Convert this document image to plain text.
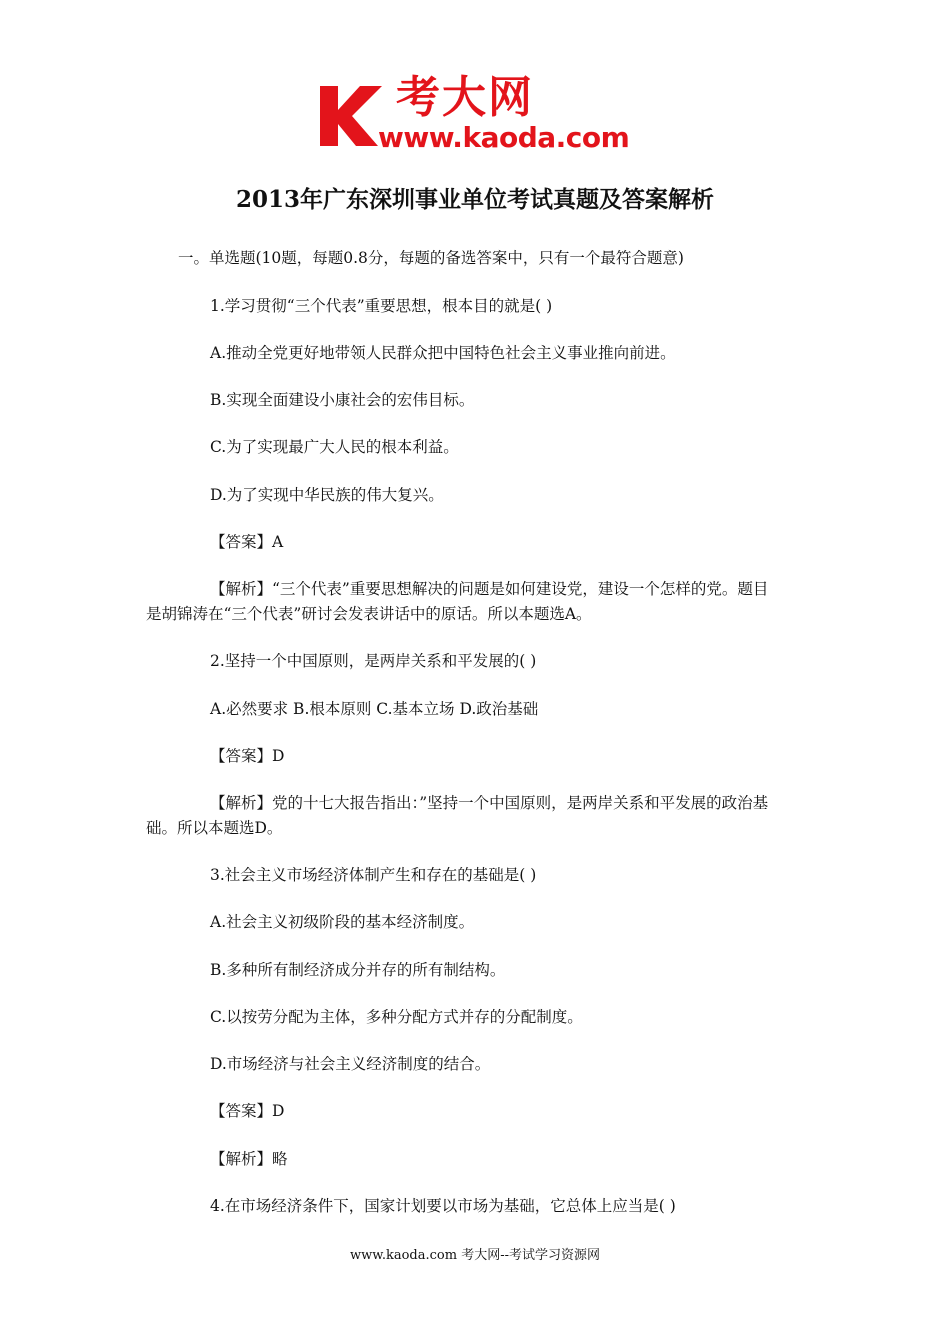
考大网
www.kaoda.com
2013年广东深圳事业单位考试真题及答案解析
一。单选题(10题，每题0.8分，每题的备选答案中，只有一个最符合题意)
1.学习贯彻“三个代表”重要思想，根本目的就是( )
A.推动全党更好地带领人民群众把中国特色社会主义事业推向前进。
B.实现全面建设小康社会的宏伟目标。
C.为了实现最广大人民的根本利益。
D.为了实现中华民族的伟大复兴。
【答案】A
【解析】“三个代表”重要思想解决的问题是如何建设党，建设一个怎样的党。题目
是胡锦涛在“三个代表”研讨会发表讲话中的原话。所以本题选A。
2.坚持一个中国原则，是两岸关系和平发展的( )
A.必然要求 B.根本原则 C.基本立场 D.政治基础
【答案】D
【解析】党的十七大报告指出：”坚持一个中国原则，是两岸关系和平发展的政治基
础。所以本题选D。
3.社会主义市场经济体制产生和存在的基础是( )
A.社会主义初级阶段的基本经济制度。
B.多种所有制经济成分并存的所有制结构。
C.以按劳分配为主体，多种分配方式并存的分配制度。
D.市场经济与社会主义经济制度的结合。
【答案】D
【解析】略
4.在市场经济条件下，国家计划要以市场为基础，它总体上应当是( )
www.kaoda.com 考大网--考试学习资源网
